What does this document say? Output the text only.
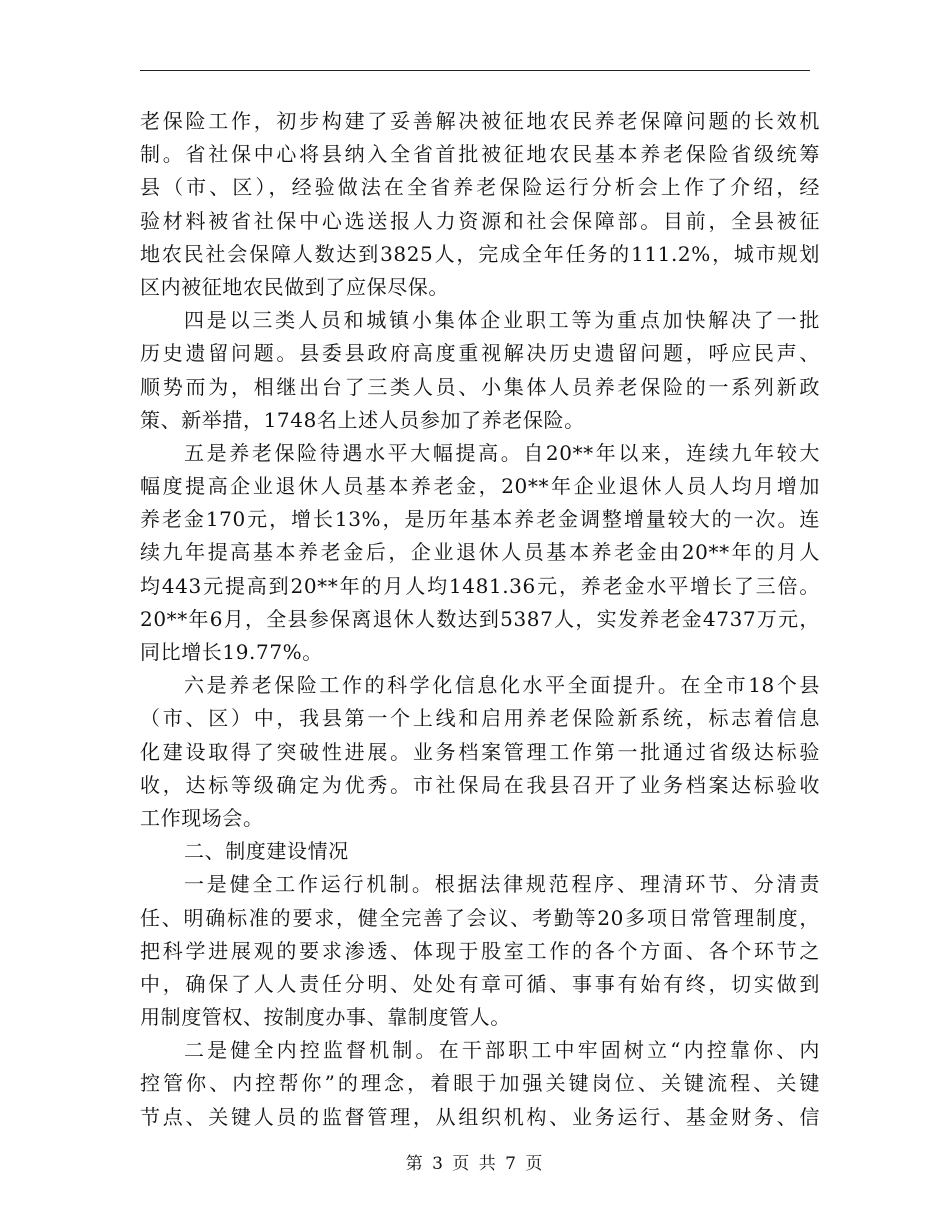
老保险工作，初步构建了妥善解决被征地农民养老保障问题的长效机
制。省社保中心将县纳入全省首批被征地农民基本养老保险省级统筹
县（市、区），经验做法在全省养老保险运行分析会上作了介绍，经
验材料被省社保中心选送报人力资源和社会保障部。目前，全县被征
地农民社会保障人数达到3825人，完成全年任务的111.2%，城市规划
区内被征地农民做到了应保尽保。
四是以三类人员和城镇小集体企业职工等为重点加快解决了一批
历史遗留问题。县委县政府高度重视解决历史遗留问题，呼应民声、
顺势而为，相继出台了三类人员、小集体人员养老保险的一系列新政
策、新举措，1748名上述人员参加了养老保险。
五是养老保险待遇水平大幅提高。自20**年以来，连续九年较大
幅度提高企业退休人员基本养老金，20**年企业退休人员人均月增加
养老金170元，增长13%，是历年基本养老金调整增量较大的一次。连
续九年提高基本养老金后，企业退休人员基本养老金由20**年的月人
均443元提高到20**年的月人均1481.36元，养老金水平增长了三倍。
20**年6月，全县参保离退休人数达到5387人，实发养老金4737万元，
同比增长19.77%。
六是养老保险工作的科学化信息化水平全面提升。在全市18个县
（市、区）中，我县第一个上线和启用养老保险新系统，标志着信息
化建设取得了突破性进展。业务档案管理工作第一批通过省级达标验
收，达标等级确定为优秀。市社保局在我县召开了业务档案达标验收
工作现场会。
二、制度建设情况
一是健全工作运行机制。根据法律规范程序、理清环节、分清责
任、明确标准的要求，健全完善了会议、考勤等20多项日常管理制度，
把科学进展观的要求渗透、体现于股室工作的各个方面、各个环节之
中，确保了人人责任分明、处处有章可循、事事有始有终，切实做到
用制度管权、按制度办事、靠制度管人。
二是健全内控监督机制。在干部职工中牢固树立“内控靠你、内
控管你、内控帮你”的理念，着眼于加强关键岗位、关键流程、关键
节点、关键人员的监督管理，从组织机构、业务运行、基金财务、信
第 3 页 共 7 页
